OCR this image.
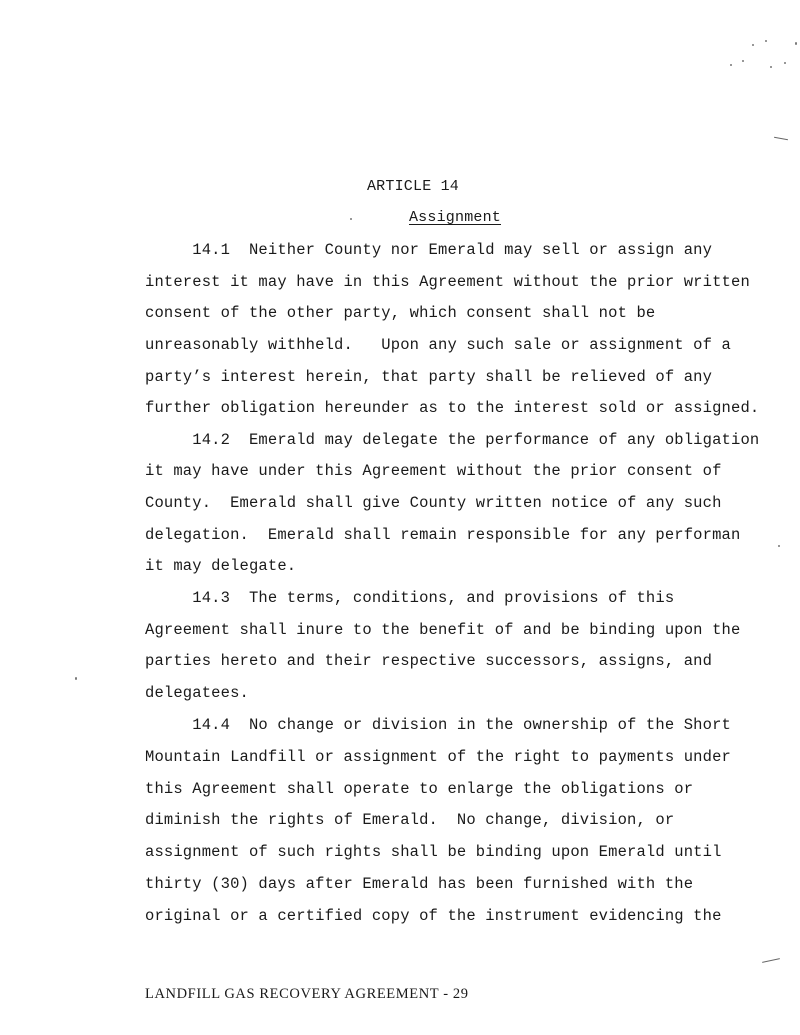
ARTICLE 14
Assignment
14.1  Neither County nor Emerald may sell or assign any
interest it may have in this Agreement without the prior written
consent of the other party, which consent shall not be
unreasonably withheld.   Upon any such sale or assignment of a
party’s interest herein, that party shall be relieved of any
further obligation hereunder as to the interest sold or assigned.
14.2  Emerald may delegate the performance of any obligation
it may have under this Agreement without the prior consent of
County.  Emerald shall give County written notice of any such
delegation.  Emerald shall remain responsible for any performan
it may delegate.
14.3  The terms, conditions, and provisions of this
Agreement shall inure to the benefit of and be binding upon the
parties hereto and their respective successors, assigns, and
delegatees.
14.4  No change or division in the ownership of the Short
Mountain Landfill or assignment of the right to payments under
this Agreement shall operate to enlarge the obligations or
diminish the rights of Emerald.  No change, division, or
assignment of such rights shall be binding upon Emerald until
thirty (30) days after Emerald has been furnished with the
original or a certified copy of the instrument evidencing the
LANDFILL GAS RECOVERY AGREEMENT - 29
